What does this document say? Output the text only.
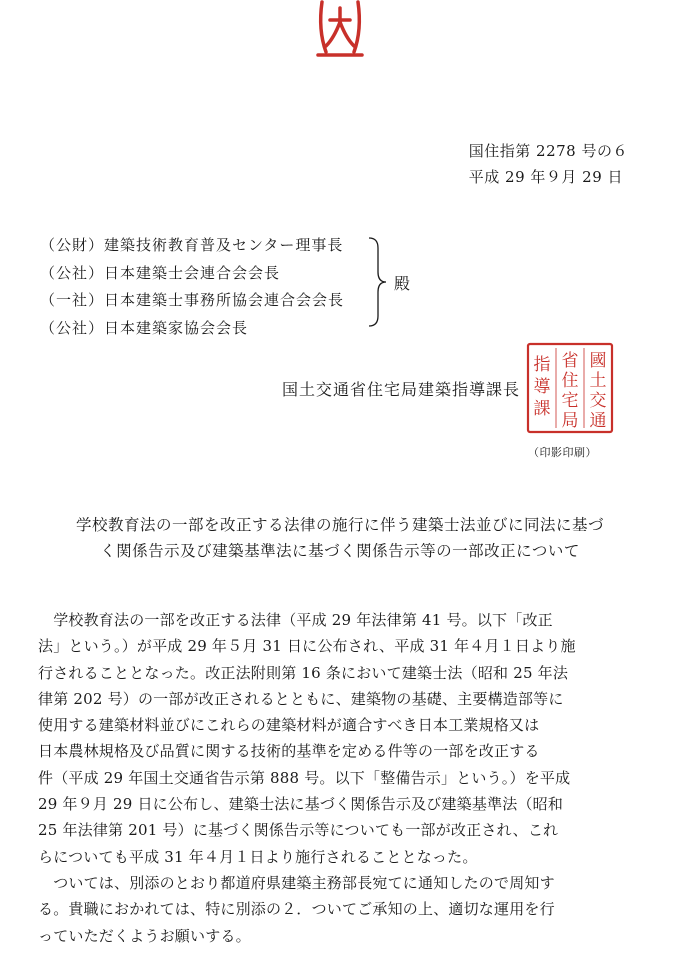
国住指第 2278 号の６
平成 29 年９月 29 日
（公財）建築技術教育普及センター理事長
（公社）日本建築士会連合会会長
（一社）日本建築士事務所協会連合会会長
（公社）日本建築家協会会長
殿
国土交通省住宅局建築指導課長
國
土
交
通
省
住
宅
局
指
導
課
（印影印刷）
学校教育法の一部を改正する法律の施行に伴う建築士法並びに同法に基づ
く関係告示及び建築基準法に基づく関係告示等の一部改正について
　学校教育法の一部を改正する法律（平成 29 年法律第 41 号。以下「改正
法」という。）が平成 29 年５月 31 日に公布され、平成 31 年４月１日より施
行されることとなった。改正法附則第 16 条において建築士法（昭和 25 年法
律第 202 号）の一部が改正されるとともに、建築物の基礎、主要構造部等に
使用する建築材料並びにこれらの建築材料が適合すべき日本工業規格又は
日本農林規格及び品質に関する技術的基準を定める件等の一部を改正する
件（平成 29 年国土交通省告示第 888 号。以下「整備告示」という。）を平成
29 年９月 29 日に公布し、建築士法に基づく関係告示及び建築基準法（昭和
25 年法律第 201 号）に基づく関係告示等についても一部が改正され、これ
らについても平成 31 年４月１日より施行されることとなった。
　ついては、別添のとおり都道府県建築主務部長宛てに通知したので周知す
る。貴職におかれては、特に別添の２．ついてご承知の上、適切な運用を行
っていただくようお願いする。
